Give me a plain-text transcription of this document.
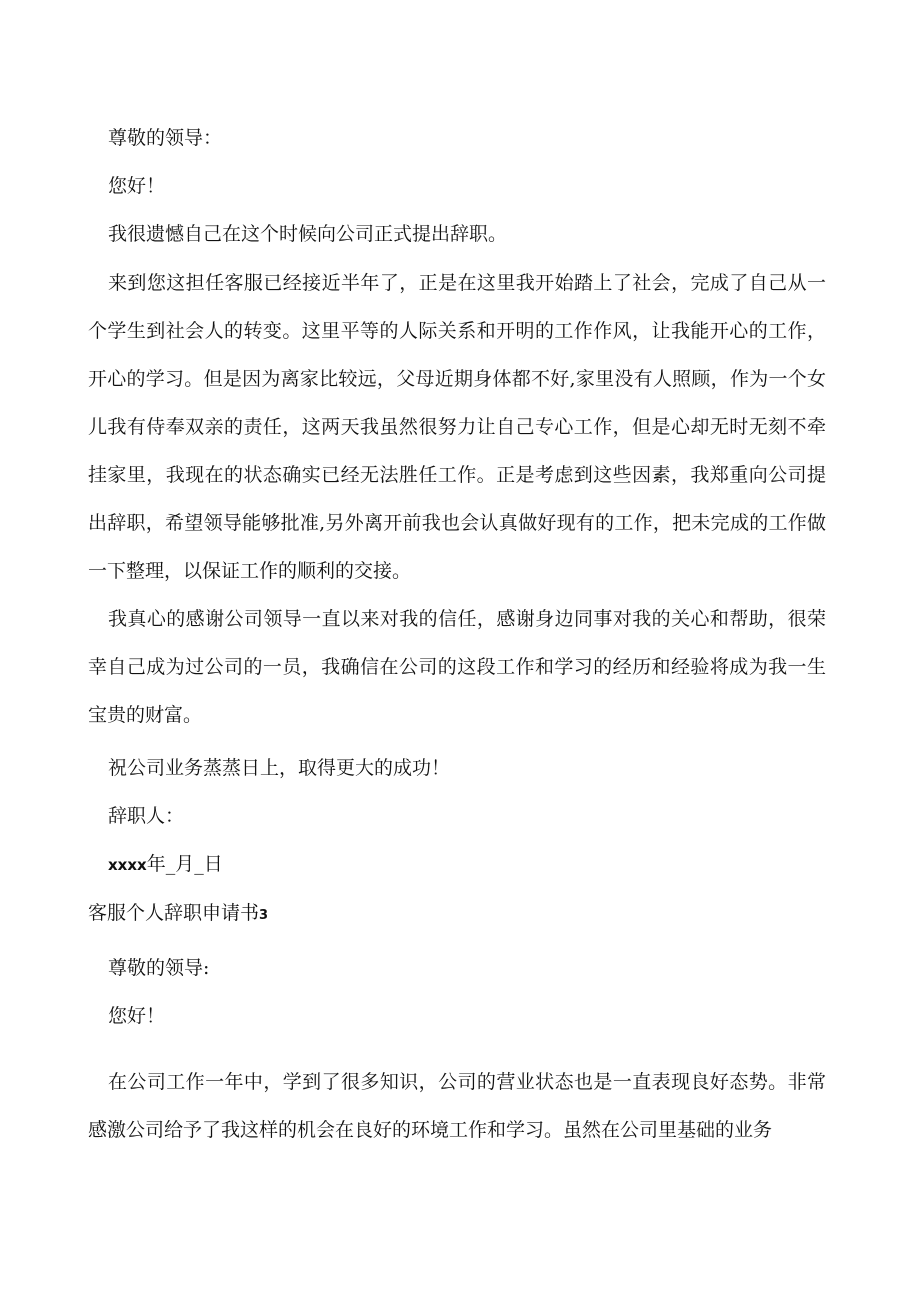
尊敬的领导：
您好！
我很遗憾自己在这个时候向公司正式提出辞职。
来到您这担任客服已经接近半年了，正是在这里我开始踏上了社会，完成了自己从一个学生到社会人的转变。这里平等的人际关系和开明的工作作风，让我能开心的工作，开心的学习。但是因为离家比较远，父母近期身体都不好,家里没有人照顾，作为一个女儿我有侍奉双亲的责任，这两天我虽然很努力让自己专心工作，但是心却无时无刻不牵挂家里，我现在的状态确实已经无法胜任工作。正是考虑到这些因素，我郑重向公司提出辞职，希望领导能够批准,另外离开前我也会认真做好现有的工作，把未完成的工作做一下整理，以保证工作的顺利的交接。
我真心的感谢公司领导一直以来对我的信任，感谢身边同事对我的关心和帮助，很荣幸自己成为过公司的一员，我确信在公司的这段工作和学习的经历和经验将成为我一生宝贵的财富。
祝公司业务蒸蒸日上，取得更大的成功！
辞职人：
xxxx年_月_日
客服个人辞职申请书3
尊敬的领导:
您好！
在公司工作一年中，学到了很多知识，公司的营业状态也是一直表现良好态势。非常感激公司给予了我这样的机会在良好的环境工作和学习。虽然在公司里基础的业务
